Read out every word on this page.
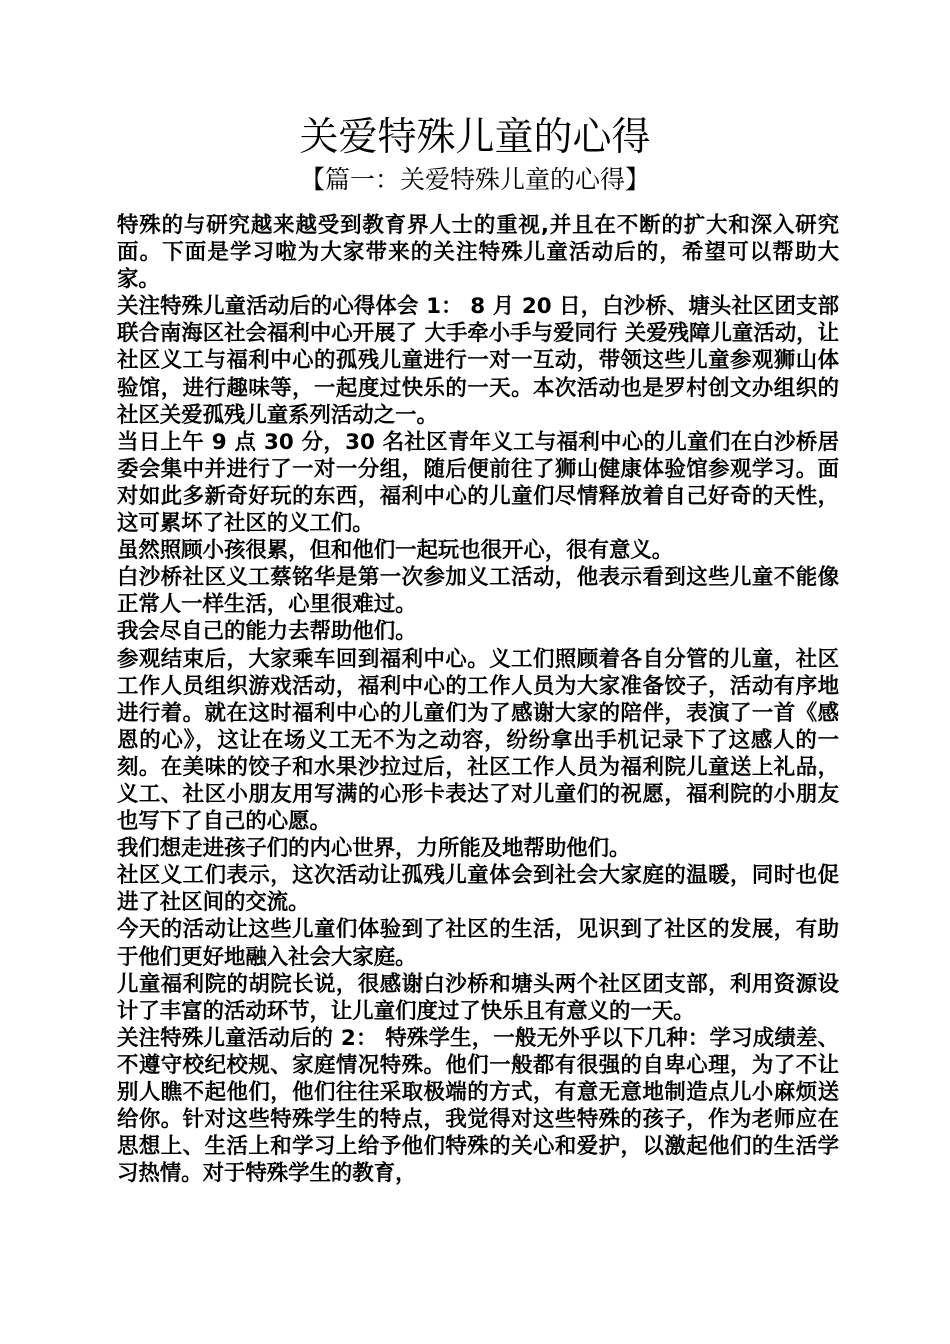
关爱特殊儿童的心得
【篇一：关爱特殊儿童的心得】

特殊的与研究越来越受到教育界人士的重视,并且在不断的扩大和深入研究面。下面是学习啦为大家带来的关注特殊儿童活动后的，希望可以帮助大家。

关注特殊儿童活动后的心得体会 1： 8 月 20 日，白沙桥、塘头社区团支部联合南海区社会福利中心开展了 大手牵小手与爱同行 关爱残障儿童活动，让社区义工与福利中心的孤残儿童进行一对一互动，带领这些儿童参观狮山体验馆，进行趣味等，一起度过快乐的一天。本次活动也是罗村创文办组织的社区关爱孤残儿童系列活动之一。

当日上午 9 点 30 分，30 名社区青年义工与福利中心的儿童们在白沙桥居委会集中并进行了一对一分组，随后便前往了狮山健康体验馆参观学习。面对如此多新奇好玩的东西，福利中心的儿童们尽情释放着自己好奇的天性，这可累坏了社区的义工们。

虽然照顾小孩很累，但和他们一起玩也很开心，很有意义。

白沙桥社区义工蔡铭华是第一次参加义工活动，他表示看到这些儿童不能像正常人一样生活，心里很难过。

我会尽自己的能力去帮助他们。

参观结束后，大家乘车回到福利中心。义工们照顾着各自分管的儿童，社区工作人员组织游戏活动，福利中心的工作人员为大家准备饺子，活动有序地进行着。就在这时福利中心的儿童们为了感谢大家的陪伴，表演了一首《感恩的心》，这让在场义工无不为之动容，纷纷拿出手机记录下了这感人的一刻。在美味的饺子和水果沙拉过后，社区工作人员为福利院儿童送上礼品，义工、社区小朋友用写满的心形卡表达了对儿童们的祝愿，福利院的小朋友也写下了自己的心愿。

我们想走进孩子们的内心世界，力所能及地帮助他们。

社区义工们表示，这次活动让孤残儿童体会到社会大家庭的温暖，同时也促进了社区间的交流。

今天的活动让这些儿童们体验到了社区的生活，见识到了社区的发展，有助于他们更好地融入社会大家庭。

儿童福利院的胡院长说，很感谢白沙桥和塘头两个社区团支部，利用资源设计了丰富的活动环节，让儿童们度过了快乐且有意义的一天。

关注特殊儿童活动后的 2： 特殊学生，一般无外乎以下几种：学习成绩差、不遵守校纪校规、家庭情况特殊。他们一般都有很强的自卑心理，为了不让别人瞧不起他们，他们往往采取极端的方式，有意无意地制造点儿小麻烦送给你。针对这些特殊学生的特点，我觉得对这些特殊的孩子，作为老师应在思想上、生活上和学习上给予他们特殊的关心和爱护，以激起他们的生活学习热情。对于特殊学生的教育，
